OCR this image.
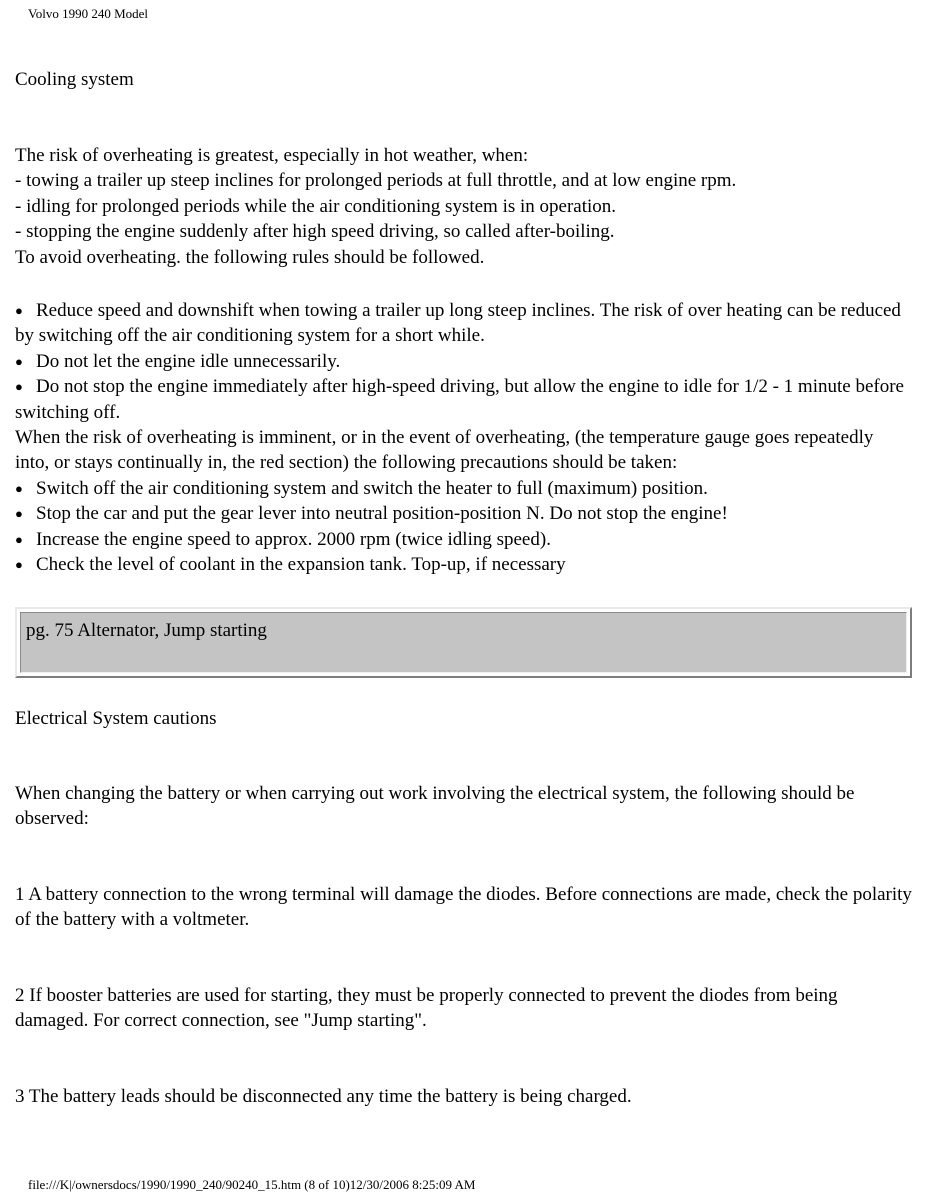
Volvo 1990 240 Model
Cooling system
The risk of overheating is greatest, especially in hot weather, when:
- towing a trailer up steep inclines for prolonged periods at full throttle, and at low engine rpm.
- idling for prolonged periods while the air conditioning system is in operation.
- stopping the engine suddenly after high speed driving, so called after-boiling.
To avoid overheating. the following rules should be followed.
● Reduce speed and downshift when towing a trailer up long steep inclines. The risk of over heating can be reduced by switching off the air conditioning system for a short while.
● Do not let the engine idle unnecessarily.
● Do not stop the engine immediately after high-speed driving, but allow the engine to idle for 1/2 - 1 minute before switching off.
When the risk of overheating is imminent, or in the event of overheating, (the temperature gauge goes repeatedly into, or stays continually in, the red section) the following precautions should be taken:
● Switch off the air conditioning system and switch the heater to full (maximum) position.
● Stop the car and put the gear lever into neutral position-position N. Do not stop the engine!
● Increase the engine speed to approx. 2000 rpm (twice idling speed).
● Check the level of coolant in the expansion tank. Top-up, if necessary
pg. 75 Alternator, Jump starting
Electrical System cautions
When changing the battery or when carrying out work involving the electrical system, the following should be observed:
1 A battery connection to the wrong terminal will damage the diodes. Before connections are made, check the polarity of the battery with a voltmeter.
2 If booster batteries are used for starting, they must be properly connected to prevent the diodes from being damaged. For correct connection, see "Jump starting".
3 The battery leads should be disconnected any time the battery is being charged.
file:///K|/ownersdocs/1990/1990_240/90240_15.htm (8 of 10)12/30/2006 8:25:09 AM
